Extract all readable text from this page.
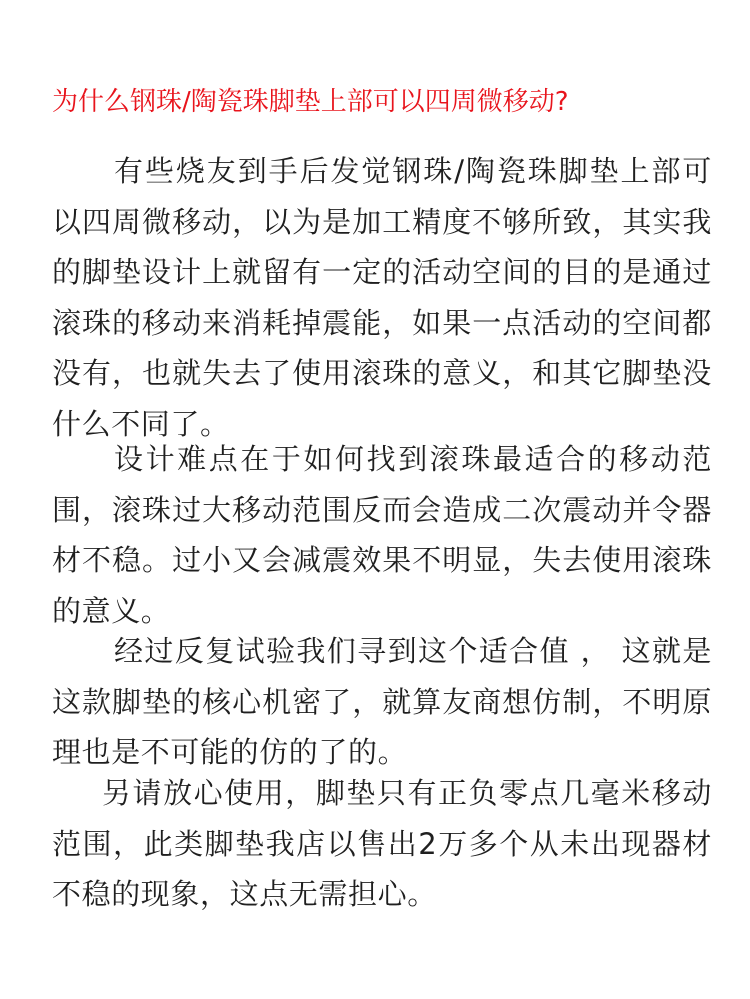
为什么钢珠/陶瓷珠脚垫上部可以四周微移动?

有些烧友到手后发觉钢珠/陶瓷珠脚垫上部可以四周微移动，以为是加工精度不够所致，其实我的脚垫设计上就留有一定的活动空间的目的是通过滚珠的移动来消耗掉震能，如果一点活动的空间都没有，也就失去了使用滚珠的意义，和其它脚垫没什么不同了。

设计难点在于如何找到滚珠最适合的移动范围，滚珠过大移动范围反而会造成二次震动并令器材不稳。过小又会减震效果不明显，失去使用滚珠的意义。

经过反复试验我们寻到这个适合值 ， 这就是这款脚垫的核心机密了，就算友商想仿制，不明原理也是不可能的仿的了的。

另请放心使用，脚垫只有正负零点几毫米移动范围，此类脚垫我店以售出2万多个从未出现器材不稳的现象，这点无需担心。
